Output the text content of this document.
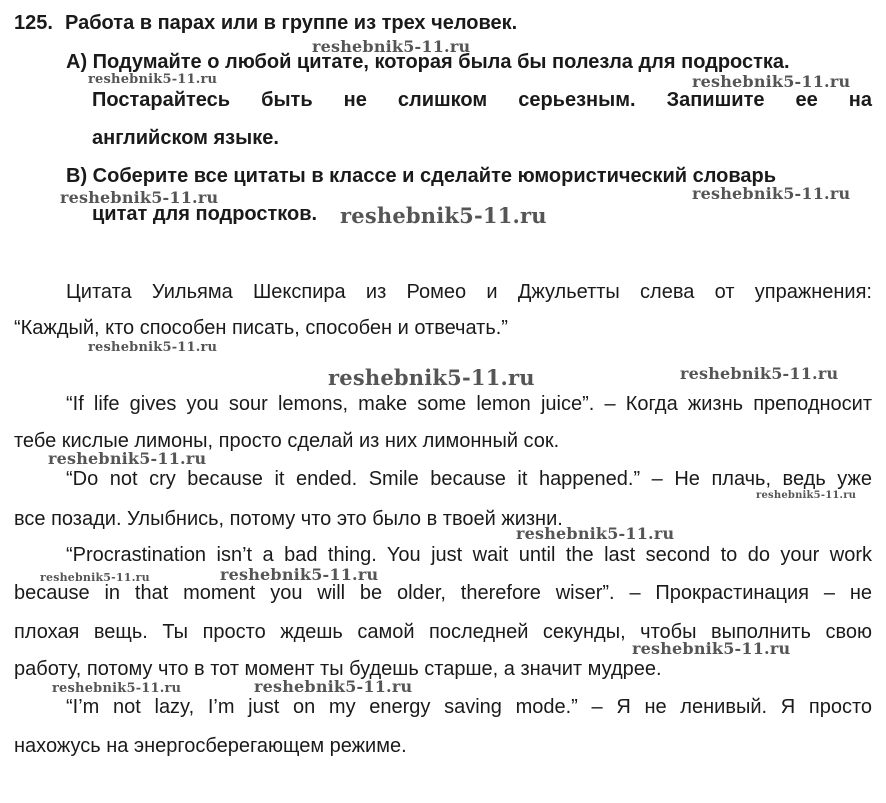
125. Работа в парах или в группе из трех человек.
A) Подумайте о любой цитате, которая была бы полезла для подростка.
Постарайтесь быть не слишком серьезным. Запишите ее на
английском языке.
B) Соберите все цитаты в классе и сделайте юмористический словарь
цитат для подростков.
Цитата Уильяма Шекспира из Ромео и Джульетты слева от упражнения:
“Каждый, кто способен писать, способен и отвечать.”
“If life gives you sour lemons, make some lemon juice”. – Когда жизнь преподносит
тебе кислые лимоны, просто сделай из них лимонный сок.
“Do not cry because it ended. Smile because it happened.” – Не плачь, ведь уже
все позади. Улыбнись, потому что это было в твоей жизни.
“Procrastination isn’t a bad thing. You just wait until the last second to do your work
because in that moment you will be older, therefore wiser”. – Прокрастинация – не
плохая вещь. Ты просто ждешь самой последней секунды, чтобы выполнить свою
работу, потому что в тот момент ты будешь старше, а значит мудрее.
“I’m not lazy, I’m just on my energy saving mode.” – Я не ленивый. Я просто
нахожусь на энергосберегающем режиме.
reshebnik5-11.ru
reshebnik5-11.ru	reshebnik5-11.ru
reshebnik5-11.ru	reshebnik5-11.ru
reshebnik5-11.ru
reshebnik5-11.ru
reshebnik5-11.ru	reshebnik5-11.ru
reshebnik5-11.ru
reshebnik5-11.ru
reshebnik5-11.ru
reshebnik5-11.ru	reshebnik5-11.ru
reshebnik5-11.ru
reshebnik5-11.ru	reshebnik5-11.ru
